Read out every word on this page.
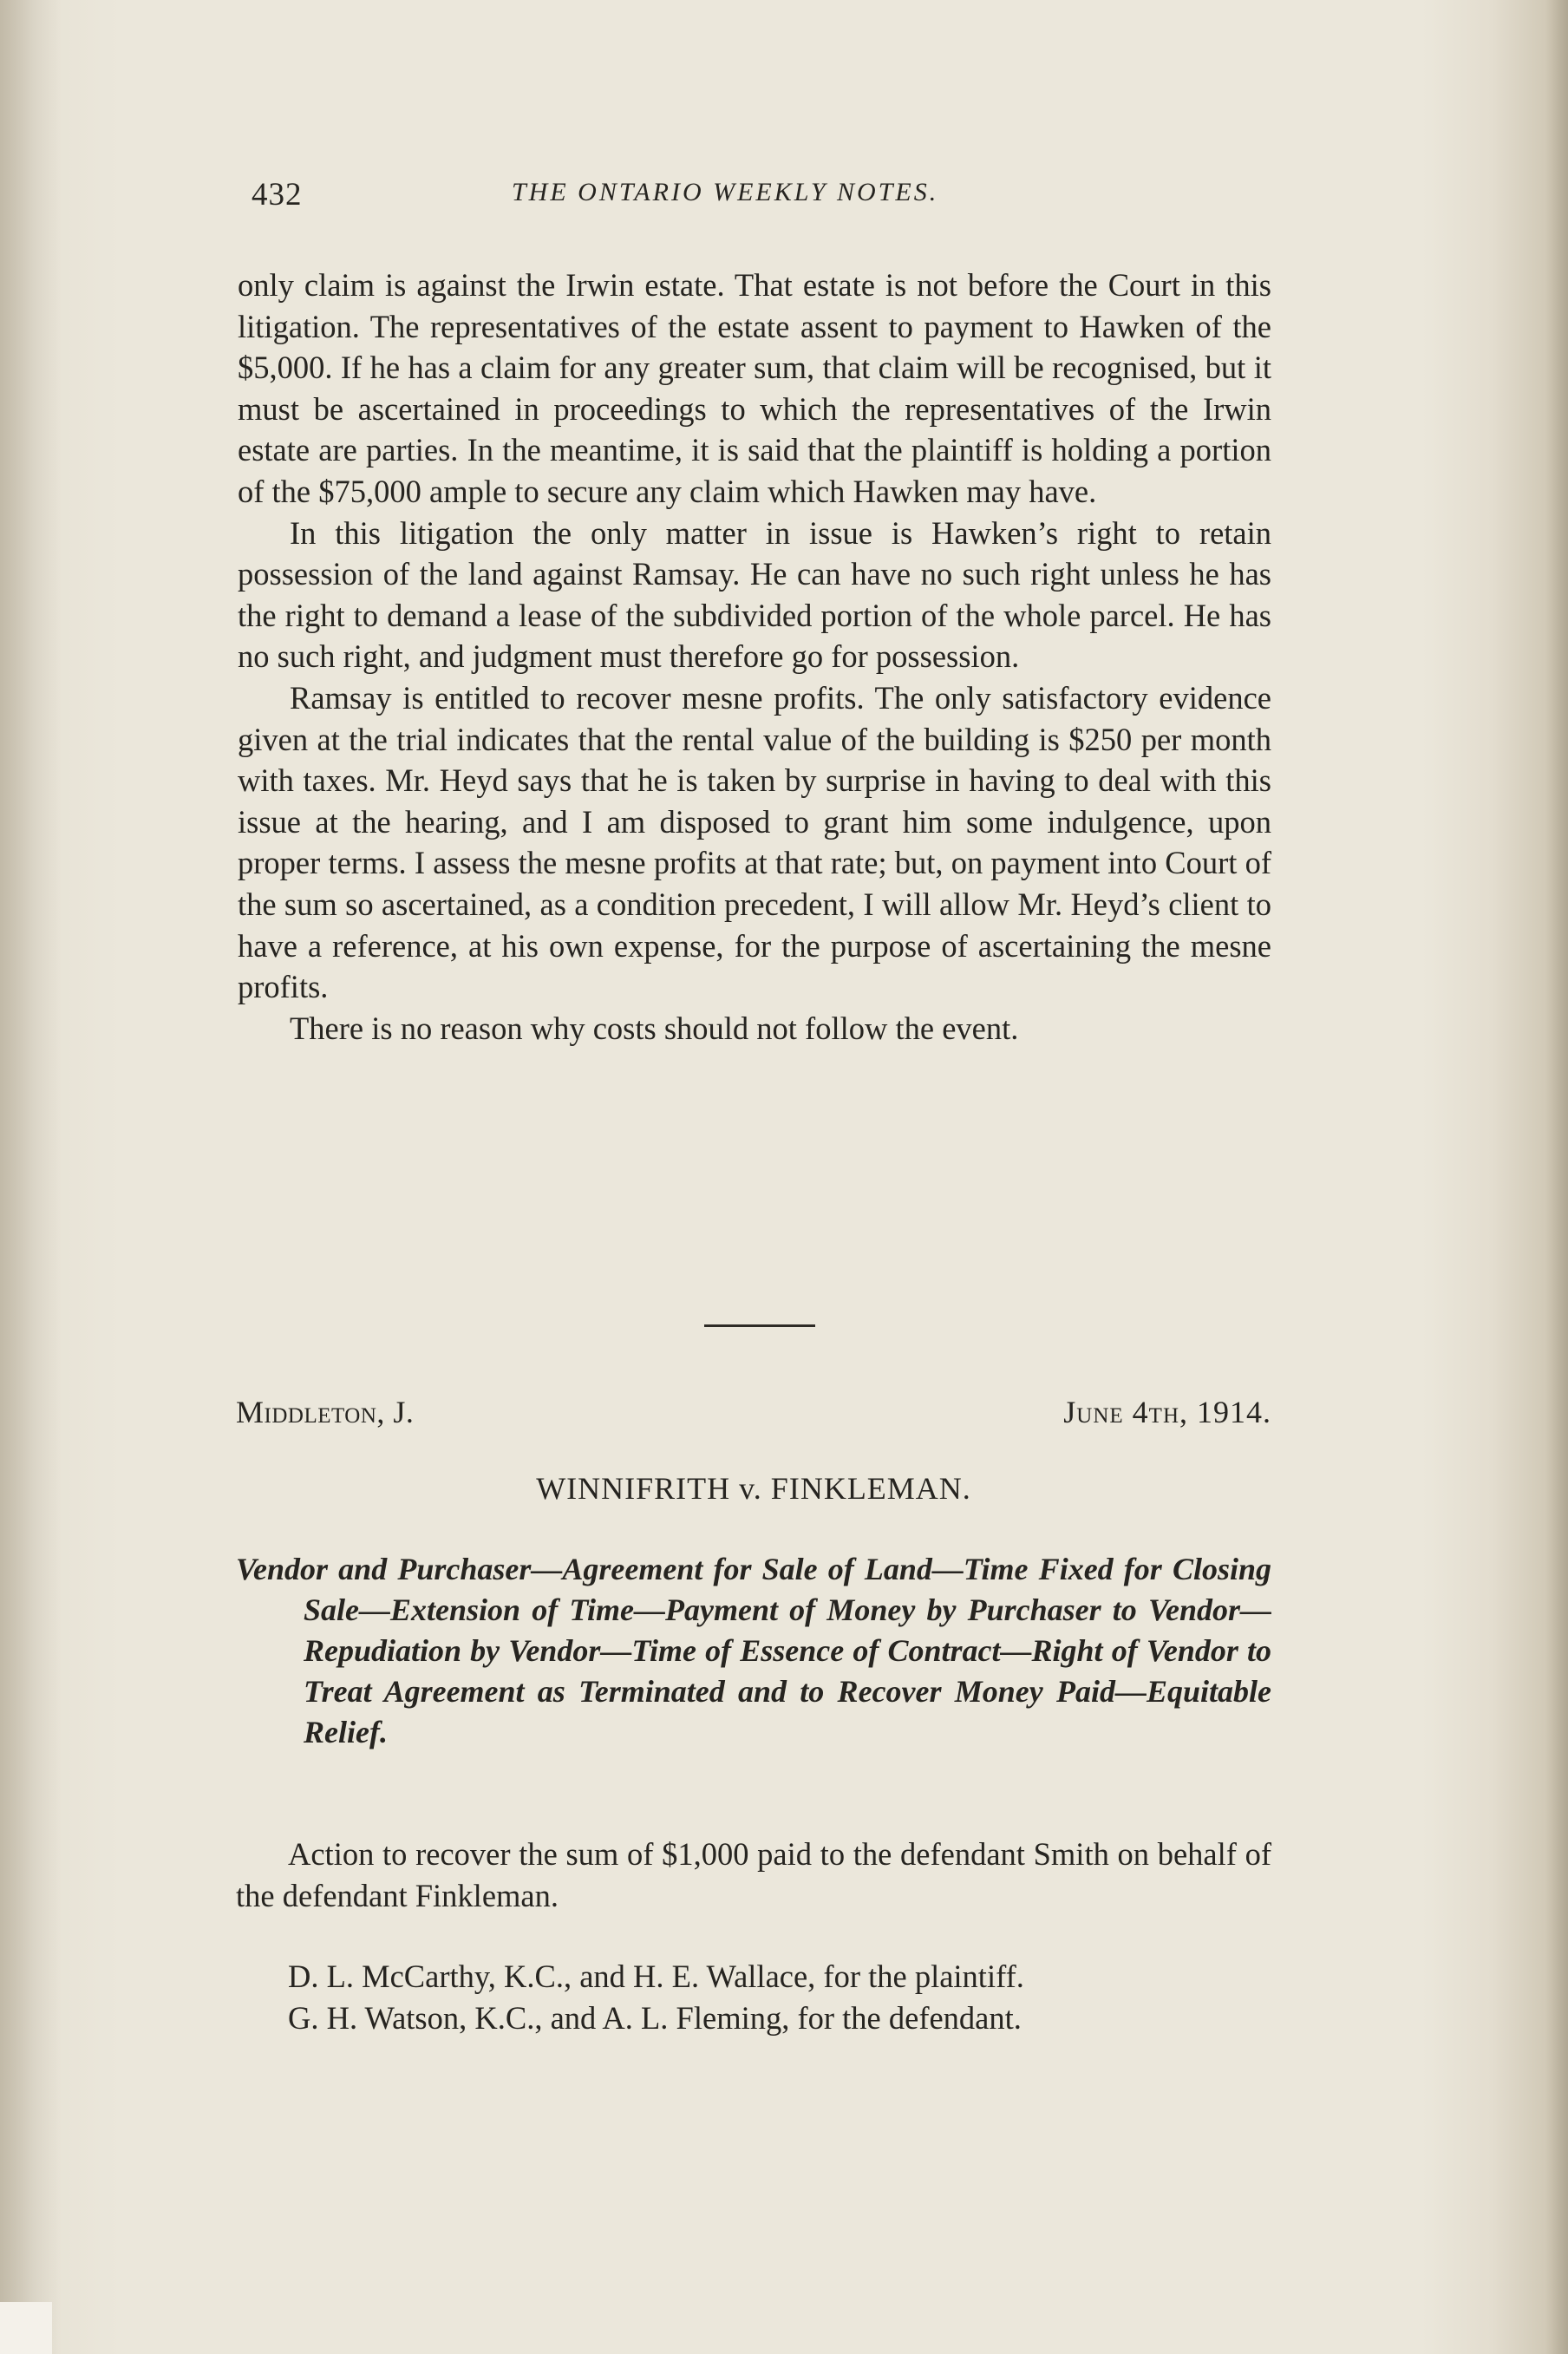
432	THE ONTARIO WEEKLY NOTES.

only claim is against the Irwin estate. That estate is not before the Court in this litigation. The representatives of the estate assent to payment to Hawken of the $5,000. If he has a claim for any greater sum, that claim will be recognised, but it must be ascertained in proceedings to which the representatives of the Irwin estate are parties. In the meantime, it is said that the plaintiff is holding a portion of the $75,000 ample to secure any claim which Hawken may have.

In this litigation the only matter in issue is Hawken’s right to retain possession of the land against Ramsay. He can have no such right unless he has the right to demand a lease of the subdivided portion of the whole parcel. He has no such right, and judgment must therefore go for possession.

Ramsay is entitled to recover mesne profits. The only satisfactory evidence given at the trial indicates that the rental value of the building is $250 per month with taxes. Mr. Heyd says that he is taken by surprise in having to deal with this issue at the hearing, and I am disposed to grant him some indulgence, upon proper terms. I assess the mesne profits at that rate; but, on payment into Court of the sum so ascertained, as a condition precedent, I will allow Mr. Heyd’s client to have a reference, at his own expense, for the purpose of ascertaining the mesne profits.

There is no reason why costs should not follow the event.

Middleton, J.	June 4th, 1914.
WINNIFRITH v. FINKLEMAN.
Vendor and Purchaser—Agreement for Sale of Land—Time Fixed for Closing Sale—Extension of Time—Payment of Money by Purchaser to Vendor—Repudiation by Vendor—Time of Essence of Contract—Right of Vendor to Treat Agreement as Terminated and to Recover Money Paid—Equitable Relief.

Action to recover the sum of $1,000 paid to the defendant Smith on behalf of the defendant Finkleman.

D. L. McCarthy, K.C., and H. E. Wallace, for the plaintiff.

G. H. Watson, K.C., and A. L. Fleming, for the defendant.
